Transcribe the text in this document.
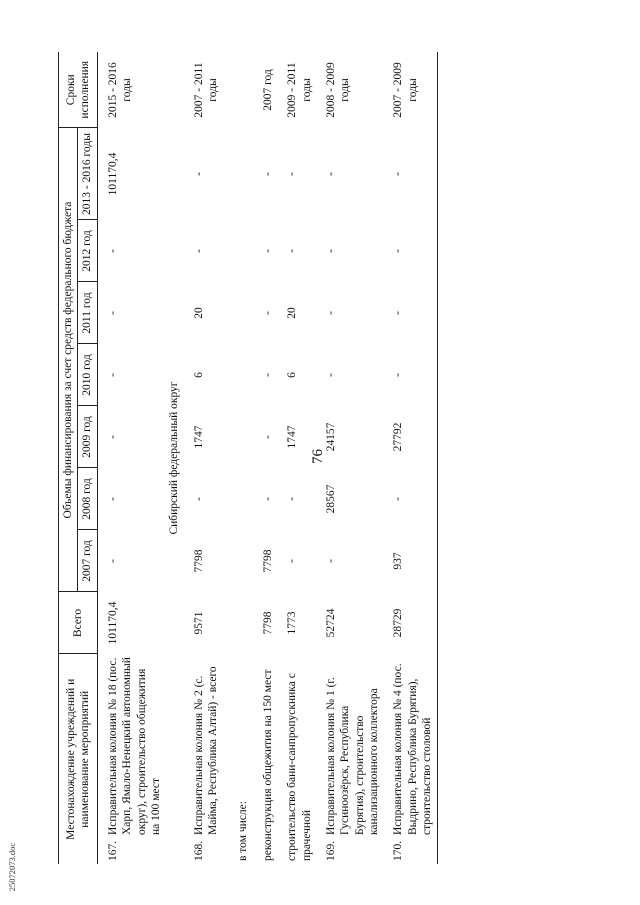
Местонахождение учреждений и наименование мероприятий	Всего	Объемы финансирования за счет средств федерального бюджета							Сроки исполнения
		2007 год	2008 год	2009 год	2010 год	2011 год	2012 год	2013 - 2016 годы	

167.
Исправительная колония № 18 (пос. Харп, Ямало-Ненецкий автономный округ), строительство общежития на 100 мест	101170,4	-	-	-	-	-	-	101170,4	2015 - 2016 годы
Сибирский федеральный округ									

168.
Исправительная колония № 2 (с. Майма, Республика Алтай) - всего	9571	7798	-	1747	6	20	-	-	2007 - 2011 годы

в том числе:									

реконструкция общежития на 150 мест	7798	7798	-	-	-	-	-	-	2007 год

строительство бани-санпропускника с прачечной	1773	-	-	1747	6	20	-	-	2009 - 2011 годы

169.
Исправительная колония № 1 (г. Гусиноозёрск, Республика Бурятия), строительство канализационного коллектора	52724	-	28567	24157	-	-	-	-	2008 - 2009 годы

170.
Исправительная колония № 4 (пос. Выдрино, Республика Бурятия), строительство столовой	28729	937	-	27792	-	-	-	-	2007 - 2009 годы
76
25072073.doc
